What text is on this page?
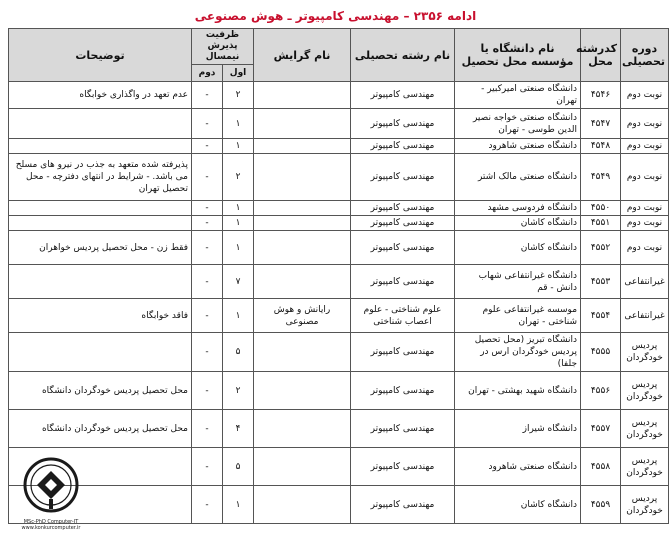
ادامه ۲۳۵۶ – مهندسی کامپیوتر ـ هوش مصنوعی
دوره تحصیلی	کدرشته محل	نام دانشگاه یا مؤسسه محل تحصیل	نام رشته تحصیلی	نام گرایش	ظرفیت پذیرش نیمسال		توضیحات
					اول	دوم	
نوبت دوم	۴۵۴۶	دانشگاه صنعتی امیرکبیر - تهران	مهندسی کامپیوتر		۲	-	عدم تعهد در واگذاری خوابگاه
نوبت دوم	۴۵۴۷	دانشگاه صنعتی خواجه نصیر الدین طوسی - تهران	مهندسی کامپیوتر		۱	-	
نوبت دوم	۴۵۴۸	دانشگاه صنعتی شاهرود	مهندسی کامپیوتر		۱	-	
نوبت دوم	۴۵۴۹	دانشگاه صنعتی مالک اشتر	مهندسی کامپیوتر		۲	-	پذیرفته شده متعهد به جذب در نیرو های مسلح می باشد. - شرایط در انتهای دفترچه - محل تحصیل تهران
نوبت دوم	۴۵۵۰	دانشگاه فردوسی مشهد	مهندسی کامپیوتر		۱	-	
نوبت دوم	۴۵۵۱	دانشگاه کاشان	مهندسی کامپیوتر		۱	-	
نوبت دوم	۴۵۵۲	دانشگاه کاشان	مهندسی کامپیوتر		۱	-	فقط زن - محل تحصیل پردیس خواهران
غیرانتفاعی	۴۵۵۳	دانشگاه غیرانتفاعی شهاب دانش - قم	مهندسی کامپیوتر		۷	-	
غیرانتفاعی	۴۵۵۴	موسسه غیرانتفاعی علوم شناختی - تهران	علوم شناختی - علوم اعصاب شناختی	رایانش و هوش مصنوعی	۱	-	فاقد خوابگاه
پردیس خودگردان	۴۵۵۵	دانشگاه تبریز (محل تحصیل پردیس خودگردان ارس در جلفا)	مهندسی کامپیوتر		۵	-	
پردیس خودگردان	۴۵۵۶	دانشگاه شهید بهشتی - تهران	مهندسی کامپیوتر		۲	-	محل تحصیل پردیس خودگردان دانشگاه
پردیس خودگردان	۴۵۵۷	دانشگاه شیراز	مهندسی کامپیوتر		۴	-	محل تحصیل پردیس خودگردان دانشگاه
پردیس خودگردان	۴۵۵۸	دانشگاه صنعتی شاهرود	مهندسی کامپیوتر		۵	-	
پردیس خودگردان	۴۵۵۹	دانشگاه کاشان	مهندسی کامپیوتر		۱	-	
MSc-PhD Computer-IT
www.konkurcomputer.ir
